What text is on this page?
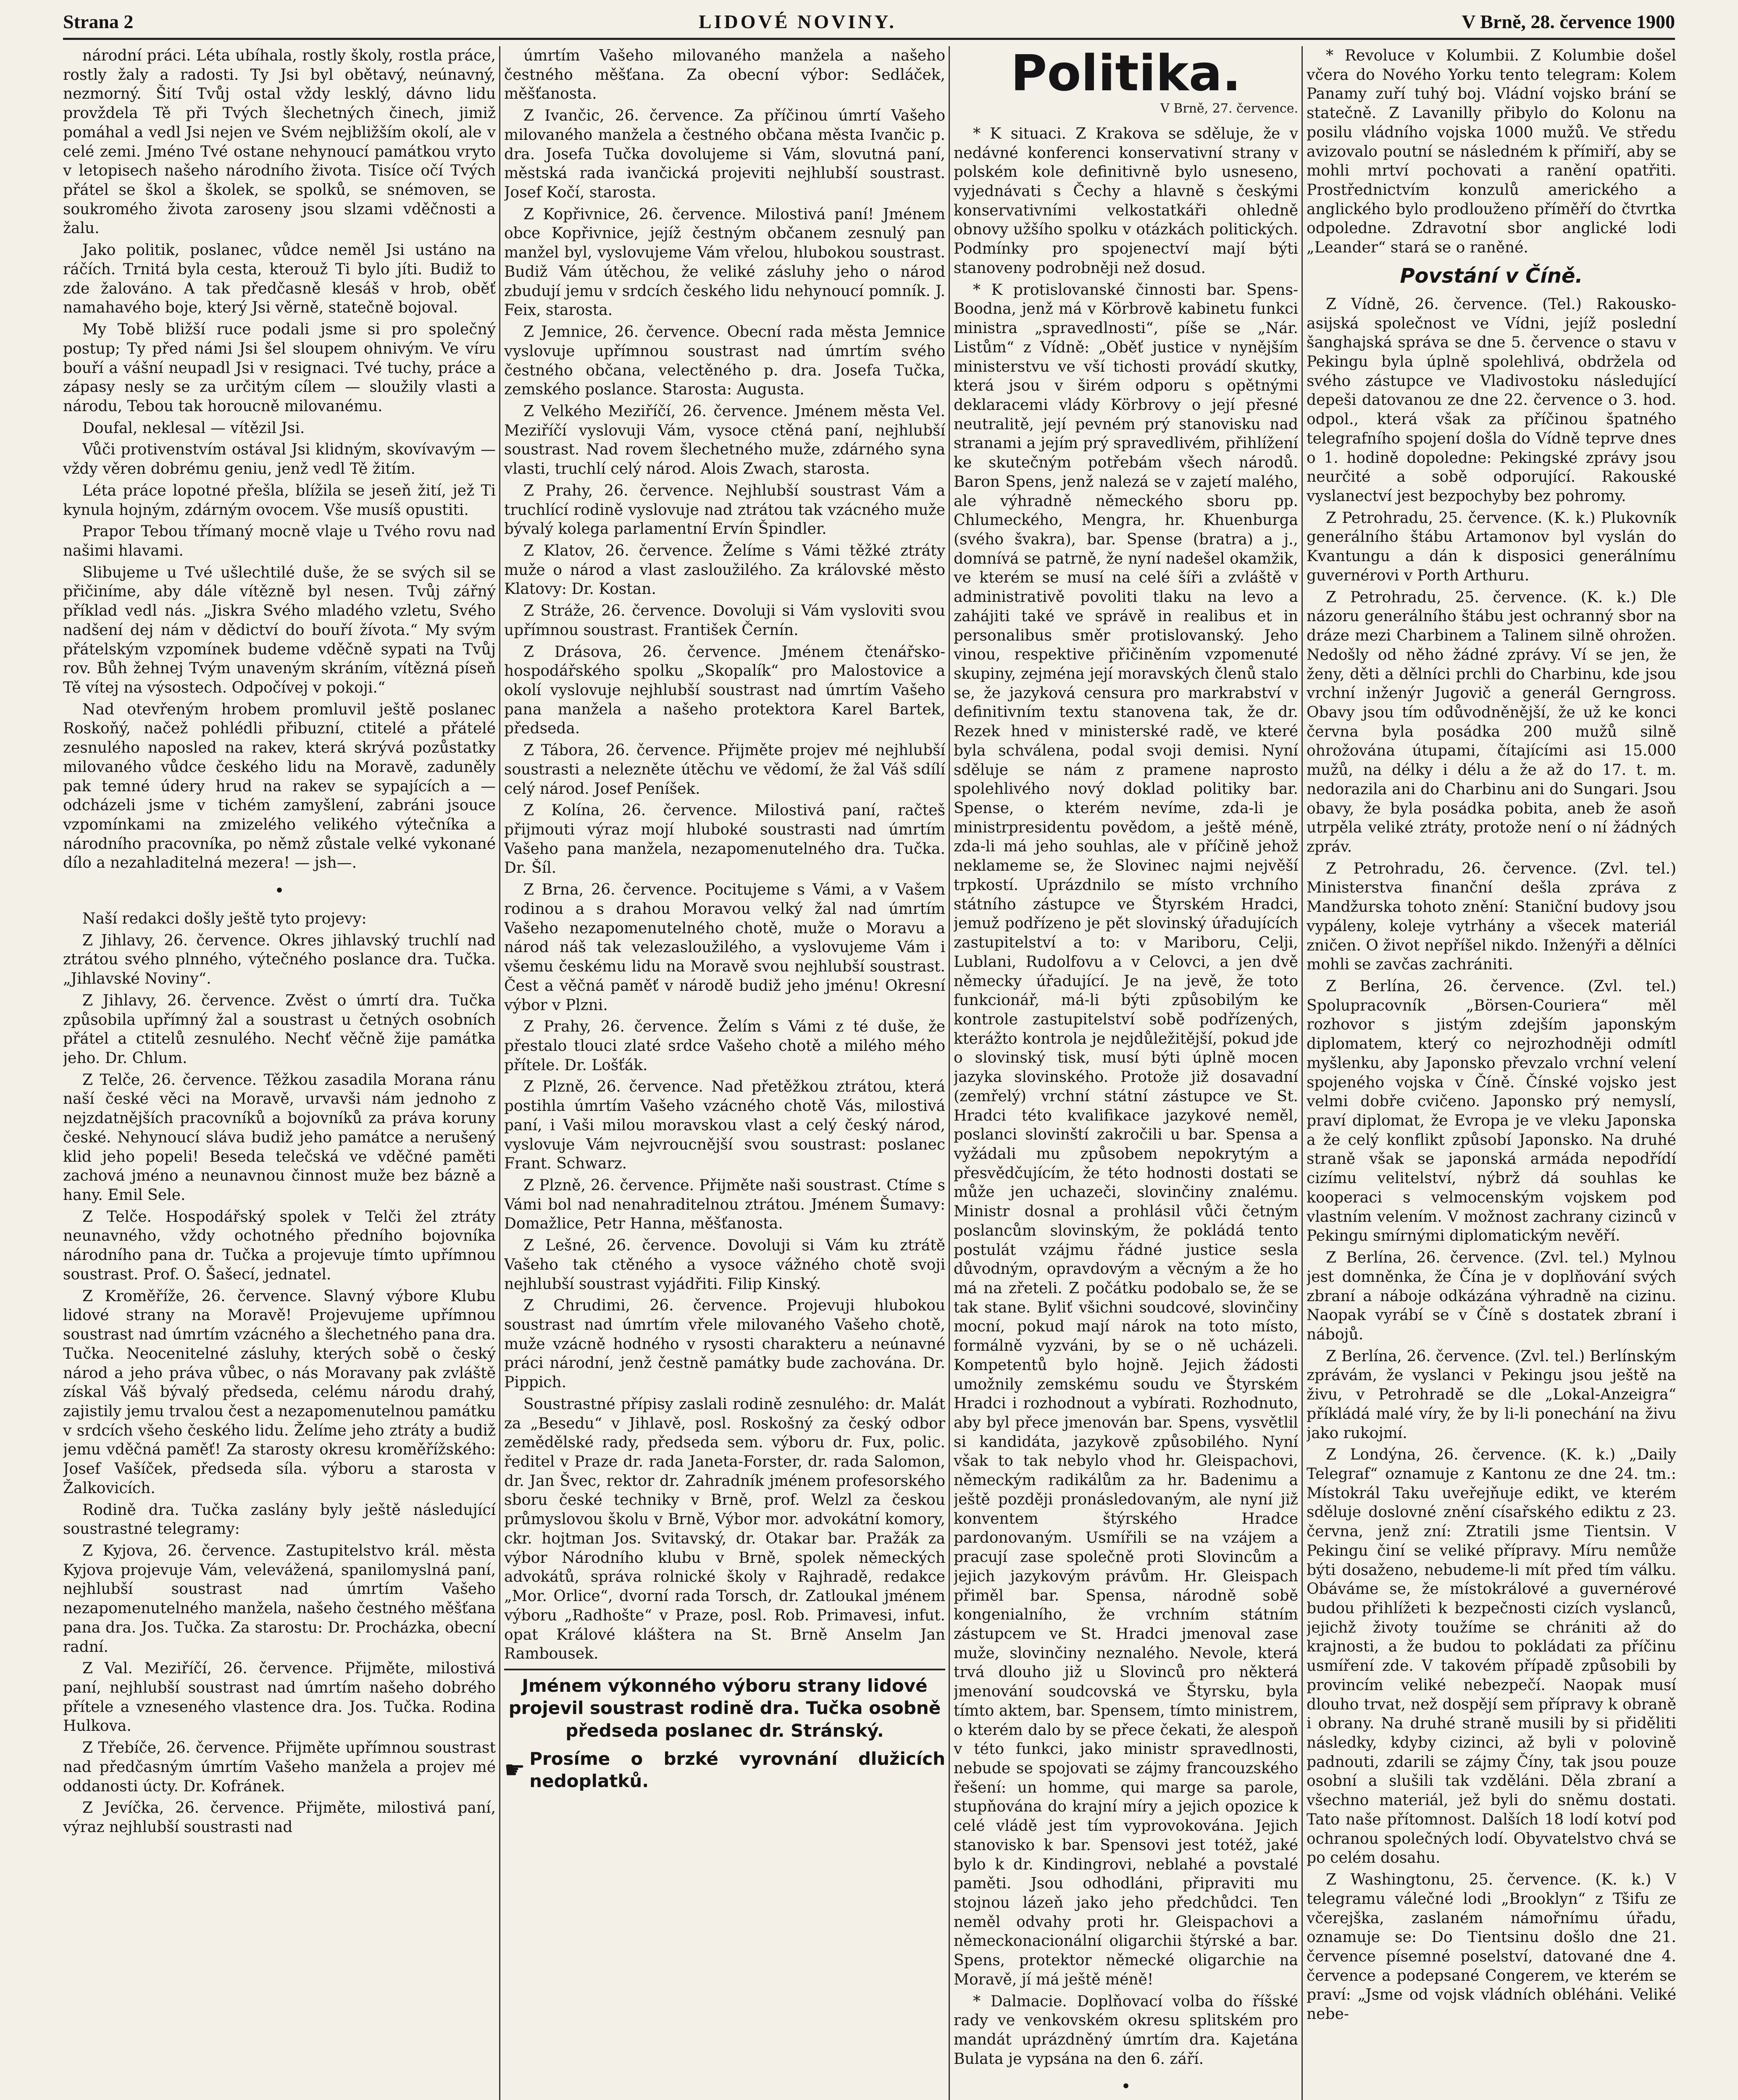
Strana 2	LIDOVÉ NOVINY.	V Brně, 28. července 1900

národní práci. Léta ubíhala, rostly školy, rostla práce, rostly žaly a radosti. Ty Jsi byl obětavý, neúnavný, nezmorný. Šití Tvůj ostal vždy lesklý, dávno lidu provždela Tě při Tvých šlechetných činech, jimiž pomáhal a vedl Jsi nejen ve Svém nejbližším okolí, ale v celé zemi. Jméno Tvé ostane nehynoucí památkou vryto v letopisech našeho národního života. Tisíce očí Tvých přátel se škol a školek, se spolků, se snémoven, se soukromého života zaroseny jsou slzami vděčnosti a žalu.

Jako politik, poslanec, vůdce neměl Jsi ustáno na ráčích. Trnitá byla cesta, kterouž Ti bylo jíti. Budiž to zde žalováno. A tak předčasně klesáš v hrob, oběť namahavého boje, který Jsi věrně, statečně bojoval.

My Tobě bližší ruce podali jsme si pro společný postup; Ty před námi Jsi šel sloupem ohnivým. Ve víru bouří a vášní neupadl Jsi v resignaci. Tvé tuchy, práce a zápasy nesly se za určitým cílem — sloužily vlasti a národu, Tebou tak horoucně milovanému.

Doufal, neklesal — vítězil Jsi.

Vůči protivenstvím ostával Jsi klidným, skovívavým — vždy věren dobrému geniu, jenž vedl Tě žitím.

Léta práce lopotné přešla, blížila se jeseň žití, jež Ti kynula hojným, zdárným ovocem. Vše musíš opustiti.

Prapor Tebou třímaný mocně vlaje u Tvého rovu nad našimi hlavami.

Slibujeme u Tvé ušlechtilé duše, že se svých sil se přičiníme, aby dále vítězně byl nesen. Tvůj zářný příklad vedl nás. „Jiskra Svého mladého vzletu, Svého nadšení dej nám v dědictví do bouří žívota.“ My svým přátelským vzpomínek budeme vděčně sypati na Tvůj rov. Bůh žehnej Tvým unaveným skráním, vítězná píseň Tě vítej na výsostech. Odpočívej v pokoji.“

Nad otevřeným hrobem promluvil ještě poslanec Roskoňý, načež pohlédli přibuzní, ctitelé a přátelé zesnulého naposled na rakev, která skrývá pozůstatky milovaného vůdce českého lidu na Moravě, zaduněly pak temné údery hrud na rakev se sypajících a — odcházeli jsme v tichém zamyšlení, zabráni jsouce vzpomínkami na zmizelého velikého výtečníka a národního pracovníka, po němž zůstale velké vykonané dílo a nezahladitelná mezera! — jsh—.

•

Naší redakci došly ještě tyto projevy:

Z Jihlavy, 26. července. Okres jihlavský truchlí nad ztrátou svého plnného, výtečného poslance dra. Tučka. „Jihlavské Noviny“.

Z Jihlavy, 26. července. Zvěst o úmrtí dra. Tučka způsobila upřímný žal a soustrast u četných osobních přátel a ctitelů zesnulého. Nechť věčně žije památka jeho. Dr. Chlum.

Z Telče, 26. července. Těžkou zasadila Morana ránu naší české věci na Moravě, urvavši nám jednoho z nejzdatnějších pracovníků a bojovníků za práva koruny české. Nehynoucí sláva budiž jeho památce a nerušený klid jeho popeli! Beseda telečská ve vděčné paměti zachová jméno a neunavnou činnost muže bez bázně a hany. Emil Sele.

Z Telče. Hospodářský spolek v Telči žel ztráty neunavného, vždy ochotného předního bojovníka národního pana dr. Tučka a projevuje tímto upřímnou soustrast. Prof. O. Šašecí, jednatel.

Z Kroměříže, 26. července. Slavný výbore Klubu lidové strany na Moravě! Projevujeme upřímnou soustrast nad úmrtím vzácného a šlechetného pana dra. Tučka. Neocenitelné zásluhy, kterých sobě o český národ a jeho práva vůbec, o nás Moravany pak zvláště získal Váš bývalý předseda, celému národu drahý, zajistily jemu trvalou čest a nezapomenutelnou památku v srdcích všeho českého lidu. Želíme jeho ztráty a budiž jemu vděčná paměť! Za starosty okresu kroměřížského: Josef Vašíček, předseda síla. výboru a starosta v Žalkovicích.

Rodině dra. Tučka zaslány byly ještě následující soustrastné telegramy:

Z Kyjova, 26. července. Zastupitelstvo král. města Kyjova projevuje Vám, velevážená, spanilomyslná paní, nejhlubší soustrast nad úmrtím Vašeho nezapomenutelného manžela, našeho čestného měšťana pana dra. Jos. Tučka. Za starostu: Dr. Procházka, obecní radní.

Z Val. Meziříčí, 26. července. Přijměte, milostivá paní, nejhlubší soustrast nad úmrtím našeho dobrého přítele a vzneseného vlastence dra. Jos. Tučka. Rodina Hulkova.

Z Třebíče, 26. července. Přijměte upřímnou soustrast nad předčasným úmrtím Vašeho manžela a projev mé oddanosti úcty. Dr. Kofránek.

Z Jevíčka, 26. července. Přijměte, milostivá paní, výraz nejhlubší soustrasti nad

úmrtím Vašeho milovaného manžela a našeho čestného měšťana. Za obecní výbor: Sedláček, měšťanosta.

Z Ivančic, 26. července. Za příčinou úmrtí Vašeho milovaného manžela a čestného občana města Ivančic p. dra. Josefa Tučka dovolujeme si Vám, slovutná paní, městská rada ivančická projeviti nejhlubší soustrast. Josef Kočí, starosta.

Z Kopřivnice, 26. července. Milostivá paní! Jménem obce Kopřivnice, jejíž čestným občanem zesnulý pan manžel byl, vyslovujeme Vám vřelou, hlubokou soustrast. Budiž Vám útěchou, že veliké zásluhy jeho o národ zbudují jemu v srdcích českého lidu nehynoucí pomník. J. Feix, starosta.

Z Jemnice, 26. července. Obecní rada města Jemnice vyslovuje upřímnou soustrast nad úmrtím svého čestného občana, velectěného p. dra. Josefa Tučka, zemského poslance. Starosta: Augusta.

Z Velkého Meziříčí, 26. července. Jménem města Vel. Meziříčí vyslovuji Vám, vysoce ctěná paní, nejhlubší soustrast. Nad rovem šlechetného muže, zdárného syna vlasti, truchlí celý národ. Alois Zwach, starosta.

Z Prahy, 26. července. Nejhlubší soustrast Vám a truchlící rodině vyslovuje nad ztrátou tak vzácného muže bývalý kolega parlamentní Ervín Špindler.

Z Klatov, 26. července. Želíme s Vámi těžké ztráty muže o národ a vlast zasloužilého. Za královské město Klatovy: Dr. Kostan.

Z Stráže, 26. července. Dovoluji si Vám vysloviti svou upřímnou soustrast. František Černín.

Z Drásova, 26. července. Jménem čtenářsko-hospodářského spolku „Skopalík“ pro Malostovice a okolí vyslovuje nejhlubší soustrast nad úmrtím Vašeho pana manžela a našeho protektora Karel Bartek, předseda.

Z Tábora, 26. července. Přijměte projev mé nejhlubší soustrasti a nelezněte útěchu ve vědomí, že žal Váš sdílí celý národ. Josef Peníšek.

Z Kolína, 26. července. Milostivá paní, račteš přijmouti výraz mojí hluboké soustrasti nad úmrtím Vašeho pana manžela, nezapomenutelného dra. Tučka. Dr. Šíl.

Z Brna, 26. července. Pocitujeme s Vámi, a v Vašem rodinou a s drahou Moravou velký žal nad úmrtím Vašeho nezapomenutelného chotě, muže o Moravu a národ náš tak velezasloužilého, a vyslovujeme Vám i všemu českému lidu na Moravě svou nejhlubší soustrast. Čest a věčná paměť v národě budiž jeho jménu! Okresní výbor v Plzni.

Z Prahy, 26. července. Želím s Vámi z té duše, že přestalo tlouci zlaté srdce Vašeho chotě a milého mého přítele. Dr. Lošťák.

Z Plzně, 26. července. Nad přetěžkou ztrátou, která postihla úmrtím Vašeho vzácného chotě Vás, milostivá paní, i Vaši milou moravskou vlast a celý český národ, vyslovuje Vám nejvroucnější svou soustrast: poslanec Frant. Schwarz.

Z Plzně, 26. července. Přijměte naši soustrast. Ctíme s Vámi bol nad nenahraditelnou ztrátou. Jménem Šumavy: Domažlice, Petr Hanna, měšťanosta.

Z Lešné, 26. července. Dovoluji si Vám ku ztrátě Vašeho tak ctěného a vysoce vážného chotě svoji nejhlubší soustrast vyjádřiti. Filip Kinský.

Z Chrudimi, 26. července. Projevuji hlubokou soustrast nad úmrtím vřele milovaného Vašeho chotě, muže vzácně hodného v rysosti charakteru a neúnavné práci národní, jenž čestně památky bude zachována. Dr. Pippich.

Soustrastné přípisy zaslali rodině zesnulého: dr. Malát za „Besedu“ v Jihlavě, posl. Roskošný za český odbor zemědělské rady, předseda sem. výboru dr. Fux, polic. ředitel v Praze dr. rada Janeta-Forster, dr. rada Salomon, dr. Jan Švec, rektor dr. Zahradník jménem profesorského sboru české techniky v Brně, prof. Welzl za českou průmyslovou školu v Brně, Výbor mor. advokátní komory, ckr. hojtman Jos. Svitavský, dr. Otakar bar. Pražák za výbor Národního klubu v Brně, spolek německých advokátů, správa rolnické školy v Rajhradě, redakce „Mor. Orlice“, dvorní rada Torsch, dr. Zatloukal jménem výboru „Radhošte“ v Praze, posl. Rob. Primavesi, infut. opat Králové kláštera na St. Brně Anselm Jan Rambousek.

Jménem výkonného výboru strany lidové projevil soustrast rodině dra. Tučka osobně předseda poslanec dr. Stránský.
☛ Prosíme o brzké vyrovnání dlužicích nedoplatků.
Politika.
V Brně, 27. července.

* K situaci. Z Krakova se sděluje, že v nedávné konferenci konservativní strany v polském kole definitivně bylo usneseno, vyjednávati s Čechy a hlavně s českými konservativními velkostatkáři ohledně obnovy užšího spolku v otázkách politických. Podmínky pro spojenectví mají býti stanoveny podrobněji než dosud.

* K protislovanské činnosti bar. Spens-Boodna, jenž má v Körbrově kabinetu funkci ministra „spravedlnosti“, píše se „Nár. Listům“ z Vídně: „Oběť justice v nynějším ministerstvu ve vší tichosti provádí skutky, která jsou v širém odporu s opětnými deklaracemi vlády Körbrovy o její přesné neutralitě, její pevném prý stanovisku nad stranami a jejím prý spravedlivém, přihlížení ke skutečným potřebám všech národů. Baron Spens, jenž nalezá se v zajetí malého, ale výhradně německého sboru pp. Chlumeckého, Mengra, hr. Khuenburga (svého švakra), bar. Spense (bratra) a j., domnívá se patrně, že nyní nadešel okamžik, ve kterém se musí na celé šíři a zvláště v administrativě povoliti tlaku na levo a zahájiti také ve správě in realibus et in personalibus směr protislovanský. Jeho vinou, respektive přičiněním vzpomenuté skupiny, zejména její moravských členů stalo se, že jazyková censura pro markrabství v definitivním textu stanovena tak, že dr. Rezek hned v ministerské radě, ve které byla schválena, podal svoji demisi. Nyní sděluje se nám z pramene naprosto spolehlivého nový doklad politiky bar. Spense, o kterém nevíme, zda-li je ministrpresidentu povědom, a ještě méně, zda-li má jeho souhlas, ale v příčině jehož neklameme se, že Slovinec najmi nejvěší trpkostí. Uprázdnilo se místo vrchního státního zástupce ve Štyrském Hradci, jemuž podřízeno je pět slovinský úřadujících zastupitelství a to: v Mariboru, Celji, Lublani, Rudolfovu a v Celovci, a jen dvě německy úřadující. Je na jevě, že toto funkcionář, má-li býti způsobilým ke kontrole zastupitelství sobě podřízených, kterážto kontrola je nejdůležitější, pokud jde o slovinský tisk, musí býti úplně mocen jazyka slovinského. Protože již dosavadní (zemřelý) vrchní státní zástupce ve St. Hradci této kvalifikace jazykové neměl, poslanci slovinští zakročili u bar. Spensa a vyžádali mu způsobem nepokrytým a přesvědčujícím, že této hodnosti dostati se může jen uchazeči, slovinčiny znalému. Ministr dosnal a prohlásil vůči četným poslancům slovinským, že pokládá tento postulát vzájmu řádné justice sesla důvodným, opravdovým a věcným a že ho má na zřeteli. Z počátku podobalo se, že se tak stane. Byliť všichni soudcové, slovinčiny mocní, pokud mají nárok na toto místo, formálně vyzváni, by se o ně ucházeli. Kompetentů bylo hojně. Jejich žádosti umožnily zemskému soudu ve Štyrském Hradci i rozhodnout a vybírati. Rozhodnuto, aby byl přece jmenován bar. Spens, vysvětlil si kandidáta, jazykově způsobilého. Nyní však to tak nebylo vhod hr. Gleispachovi, německým radikálům za hr. Badenimu a ještě později pronásledovaným, ale nyní již konventem štýrského Hradce pardonovaným. Usmířili se na vzájem a pracují zase společně proti Slovincům a jejich jazykovým právům. Hr. Gleispach přiměl bar. Spensa, národně sobě kongenialního, že vrchním státním zástupcem ve St. Hradci jmenoval zase muže, slovinčiny neznalého. Nevole, která trvá dlouho již u Slovinců pro některá jmenování soudcovská ve Štyrsku, byla tímto aktem, bar. Spensem, tímto ministrem, o kterém dalo by se přece čekati, že alespoň v této funkci, jako ministr spravedlnosti, nebude se spojovati se zájmy francouzského řešení: un homme, qui marge sa parole, stupňována do krajní míry a jejich opozice k celé vládě jest tím vyprovokována. Jejich stanovisko k bar. Spensovi jest totéž, jaké bylo k dr. Kindingrovi, neblahé a povstalé paměti. Jsou odhodláni, připraviti mu stojnou lázeň jako jeho předchůdci. Ten neměl odvahy proti hr. Gleispachovi a německonacionální oligarchii štýrské a bar. Spens, protektor německé oligarchie na Moravě, jí má ještě méně!

* Dalmacie. Doplňovací volba do říšské rady ve venkovském okresu splitském pro mandát uprázdněný úmrtím dra. Kajetána Bulata je vypsána na den 6. září.

•

* Revoluce v Kolumbii. Z Kolumbie došel včera do Nového Yorku tento telegram: Kolem Panamy zuří tuhý boj. Vládní vojsko brání se statečně. Z Lavanilly přibylo do Kolonu na posilu vládního vojska 1000 mužů. Ve středu avizovalo poutní se následném k přímiří, aby se mohli mrtví pochovati a ranění opatřiti. Prostřednictvím konzulů amerického a anglického bylo prodlouženo příměří do čtvrtka odpoledne. Zdravotní sbor anglické lodi „Leander“ stará se o raněné.

Povstání v Číně.

Z Vídně, 26. července. (Tel.) Rakousko-asijská společnost ve Vídni, jejíž poslední šanghajská správa se dne 5. července o stavu v Pekingu byla úplně spolehlivá, obdržela od svého zástupce ve Vladivostoku následující depeši datovanou ze dne 22. července o 3. hod. odpol., která však za příčinou špatného telegrafního spojení došla do Vídně teprve dnes o 1. hodině dopoledne: Pekingské zprávy jsou neurčité a sobě odporující. Rakouské vyslanectví jest bezpochyby bez pohromy.

Z Petrohradu, 25. července. (K. k.) Plukovník generálního štábu Artamonov byl vyslán do Kvantungu a dán k disposici generálnímu guvernérovi v Porth Arthuru.

Z Petrohradu, 25. července. (K. k.) Dle názoru generálního štábu jest ochranný sbor na dráze mezi Charbinem a Talinem silně ohrožen. Nedošly od něho žádné zprávy. Ví se jen, že ženy, děti a dělníci prchli do Charbinu, kde jsou vrchní inženýr Jugovič a generál Gerngross. Obavy jsou tím odůvodněnější, že už ke konci června byla posádka 200 mužů silně ohrožována útupami, čítajícími asi 15.000 mužů, na délky i délu a že až do 17. t. m. nedorazila ani do Charbinu ani do Sungari. Jsou obavy, že byla posádka pobita, aneb že asoň utrpěla veliké ztráty, protože není o ní žádných zpráv.

Z Petrohradu, 26. července. (Zvl. tel.) Ministerstva finanční dešla zpráva z Mandžurska tohoto znění: Staniční budovy jsou vypáleny, koleje vytrhány a všecek materiál zničen. O život nepříšel nikdo. Inženýři a dělníci mohli se zavčas zachrániti.

Z Berlína, 26. července. (Zvl. tel.) Spolupracovník „Börsen-Couriera“ měl rozhovor s jistým zdejším japonským diplomatem, který co nejrozhodněji odmítl myšlenku, aby Japonsko převzalo vrchní velení spojeného vojska v Číně. Čínské vojsko jest velmi dobře cvičeno. Japonsko prý nemyslí, praví diplomat, že Evropa je ve vleku Japonska a že celý konflikt způsobí Japonsko. Na druhé straně však se japonská armáda nepodřídí cizímu velitelství, nýbrž dá souhlas ke kooperaci s velmocenským vojskem pod vlastním velením. V možnost zachrany cizinců v Pekingu smírnými diplomatickým nevěří.

Z Berlína, 26. července. (Zvl. tel.) Mylnou jest domněnka, že Čína je v doplňování svých zbraní a náboje odkázána výhradně na cizinu. Naopak vyrábí se v Číně s dostatek zbraní i nábojů.

Z Berlína, 26. července. (Zvl. tel.) Berlínským zprávám, že vyslanci v Pekingu jsou ještě na živu, v Petrohradě se dle „Lokal-Anzeigra“ příkládá malé víry, že by li-li ponechání na živu jako rukojmí.

Z Londýna, 26. července. (K. k.) „Daily Telegraf“ oznamuje z Kantonu ze dne 24. tm.: Místokrál Taku uveřejňuje edikt, ve kterém sděluje doslovné znění císařského ediktu z 23. června, jenž zní: Ztratili jsme Tientsin. V Pekingu činí se veliké přípravy. Míru nemůže býti dosaženo, nebudeme-li mít před tím válku. Obáváme se, že místokrálové a guvernérové budou přihlížeti k bezpečnosti cizích vyslanců, jejichž životy toužíme se chrániti až do krajnosti, a že budou to pokládati za příčinu usmíření zde. V takovém případě způsobili by provincím veliké nebezpečí. Naopak musí dlouho trvat, než dospějí sem přípravy k obraně i obrany. Na druhé straně musili by si přiděliti následky, kdyby cizinci, až byli v polovině padnouti, zdarili se zájmy Číny, tak jsou pouze osobní a slušili tak vzděláni. Děla zbraní a všechno materiál, jež byli do sněmu dostati. Tato naše přítomnost. Dalších 18 lodí kotví pod ochranou společných lodí. Obyvatelstvo chvá se po celém dosahu.

Z Washingtonu, 25. července. (K. k.) V telegramu válečné lodi „Brooklyn“ z Tšifu ze včerejška, zaslaném námořnímu úřadu, oznamuje se: Do Tientsinu došlo dne 21. července písemné poselství, datované dne 4. července a podepsané Congerem, ve kterém se praví: „Jsme od vojsk vládních obléháni. Veliké nebe-
